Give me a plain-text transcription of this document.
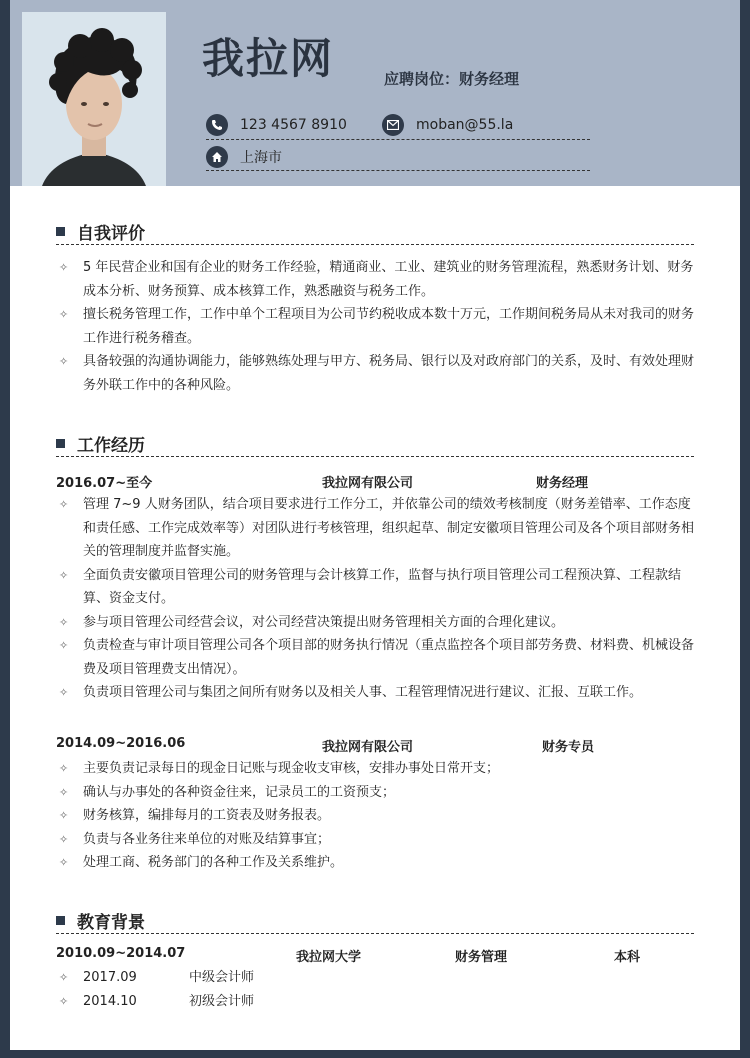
我拉网	应聘岗位：财务经理
123 4567 8910	moban@55.la
上海市
自我评价
✧ 5 年民营企业和国有企业的财务工作经验，精通商业、工业、建筑业的财务管理流程，熟悉财务计划、财务成本分析、财务预算、成本核算工作，熟悉融资与税务工作。
✧ 擅长税务管理工作，工作中单个工程项目为公司节约税收成本数十万元，工作期间税务局从未对我司的财务工作进行税务稽查。
✧ 具备较强的沟通协调能力，能够熟练处理与甲方、税务局、银行以及对政府部门的关系，及时、有效处理财务外联工作中的各种风险。
工作经历
2016.07~至今	我拉网有限公司	财务经理
✧ 管理 7~9 人财务团队，结合项目要求进行工作分工，并依靠公司的绩效考核制度（财务差错率、工作态度和责任感、工作完成效率等）对团队进行考核管理，组织起草、制定安徽项目管理公司及各个项目部财务相关的管理制度并监督实施。
✧ 全面负责安徽项目管理公司的财务管理与会计核算工作，监督与执行项目管理公司工程预决算、工程款结算、资金支付。
✧ 参与项目管理公司经营会议，对公司经营决策提出财务管理相关方面的合理化建议。
✧ 负责检查与审计项目管理公司各个项目部的财务执行情况（重点监控各个项目部劳务费、材料费、机械设备费及项目管理费支出情况）。
✧ 负责项目管理公司与集团之间所有财务以及相关人事、工程管理情况进行建议、汇报、互联工作。
2014.09~2016.06	我拉网有限公司	财务专员
✧ 主要负责记录每日的现金日记账与现金收支审核，安排办事处日常开支；
✧ 确认与办事处的各种资金往来，记录员工的工资预支；
✧ 财务核算，编排每月的工资表及财务报表。
✧ 负责与各业务往来单位的对账及结算事宜；
✧ 处理工商、税务部门的各种工作及关系维护。
教育背景
2010.09~2014.07	我拉网大学	财务管理	本科
✧ 2017.09	中级会计师
✧ 2014.10	初级会计师
